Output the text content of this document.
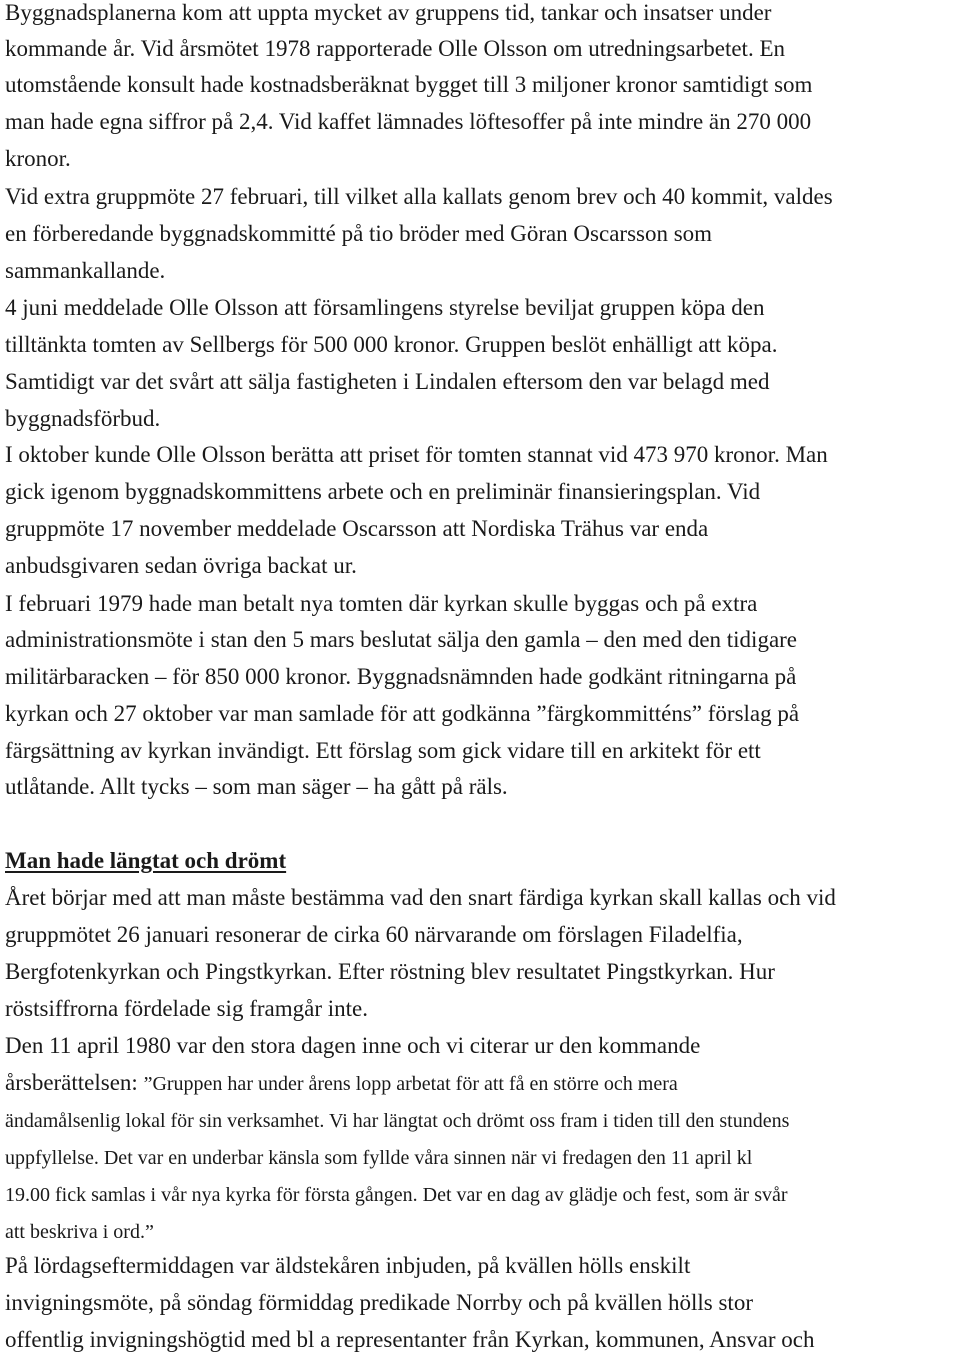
Byggnadsplanerna kom att uppta mycket av gruppens tid, tankar och insatser under
kommande år. Vid årsmötet 1978 rapporterade Olle Olsson om utredningsarbetet. En
utomstående konsult hade kostnadsberäknat bygget till 3 miljoner kronor samtidigt som
man hade egna siffror på 2,4. Vid kaffet lämnades löftesoffer på inte mindre än 270 000
kronor.
Vid extra gruppmöte 27 februari, till vilket alla kallats genom brev och 40 kommit, valdes
en förberedande byggnadskommitté på tio bröder med Göran Oscarsson som
sammankallande.
4 juni meddelade Olle Olsson att församlingens styrelse beviljat gruppen köpa den
tilltänkta tomten av Sellbergs för 500 000 kronor. Gruppen beslöt enhälligt att köpa.
Samtidigt var det svårt att sälja fastigheten i Lindalen eftersom den var belagd med
byggnadsförbud.
I oktober kunde Olle Olsson berätta att priset för tomten stannat vid 473 970 kronor. Man
gick igenom byggnadskommittens arbete och en preliminär finansieringsplan. Vid
gruppmöte 17 november meddelade Oscarsson att Nordiska Trähus var enda
anbudsgivaren sedan övriga backat ur.
I februari 1979 hade man betalt nya tomten där kyrkan skulle byggas och på extra
administrationsmöte i stan den 5 mars beslutat sälja den gamla – den med den tidigare
militärbaracken – för 850 000 kronor. Byggnadsnämnden hade godkänt ritningarna på
kyrkan och 27 oktober var man samlade för att godkänna ”färgkommitténs” förslag på
färgsättning av kyrkan invändigt. Ett förslag som gick vidare till en arkitekt för ett
utlåtande. Allt tycks – som man säger – ha gått på räls.
Man hade längtat och drömt
Året börjar med att man måste bestämma vad den snart färdiga kyrkan skall kallas och vid
gruppmötet 26 januari resonerar de cirka 60 närvarande om förslagen Filadelfia,
Bergfotenkyrkan och Pingstkyrkan. Efter röstning blev resultatet Pingstkyrkan. Hur
röstsiffrorna fördelade sig framgår inte.
Den 11 april 1980 var den stora dagen inne och vi citerar ur den kommande
årsberättelsen: ”Gruppen har under årens lopp arbetat för att få en större och mera
ändamålsenlig lokal för sin verksamhet. Vi har längtat och drömt oss fram i tiden till den stundens
uppfyllelse. Det var en underbar känsla som fyllde våra sinnen när vi fredagen den 11 april kl
19.00 fick samlas i vår nya kyrka för första gången. Det var en dag av glädje och fest, som är svår
att beskriva i ord.”
På lördagseftermiddagen var äldstekåren inbjuden, på kvällen hölls enskilt
invigningsmöte, på söndag förmiddag predikade Norrby och på kvällen hölls stor
offentlig invigningshögtid med bl a representanter från Kyrkan, kommunen, Ansvar och
